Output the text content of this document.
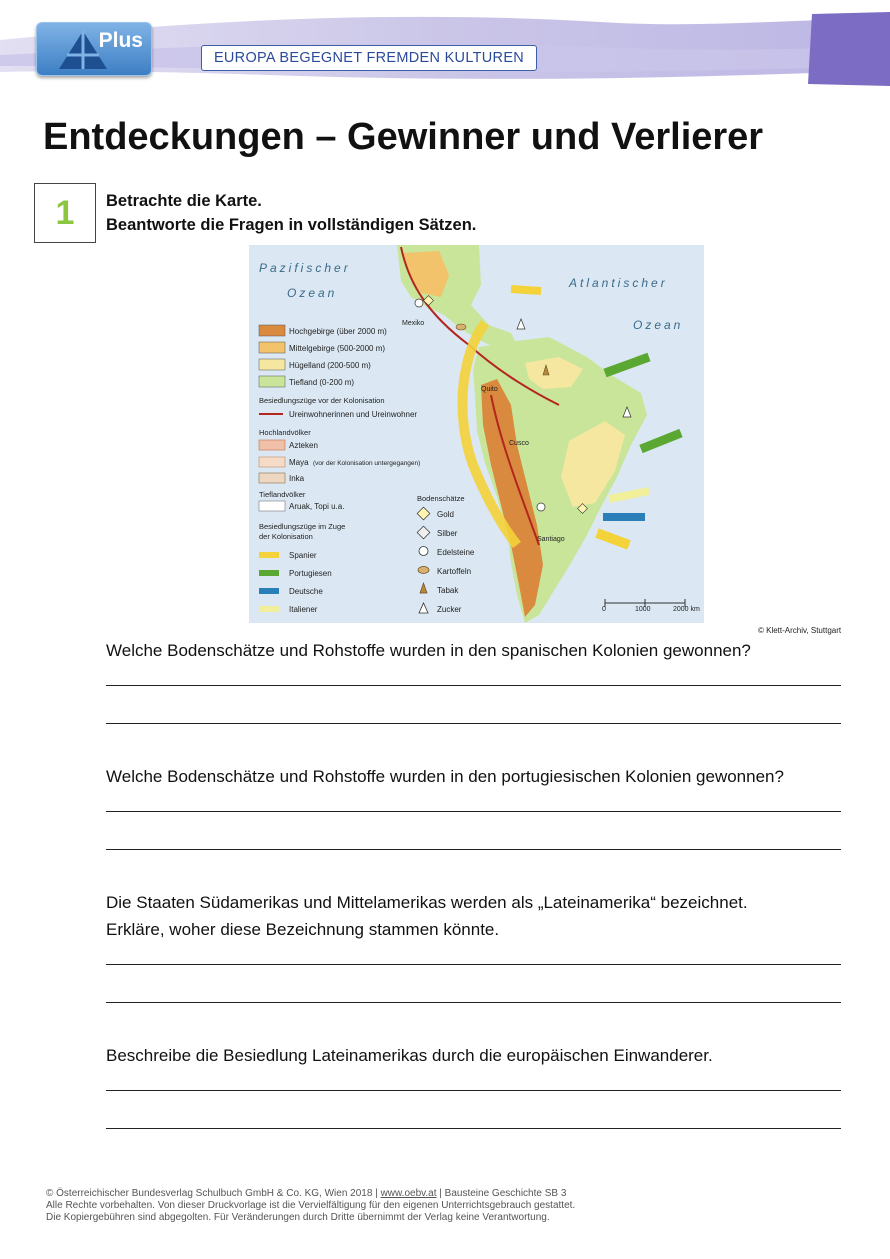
Plus
EUROPA BEGEGNET FREMDEN KULTUREN
Entdeckungen – Gewinner und Verlierer
1	Betrachte die Karte.
Beantworte die Fragen in vollständigen Sätzen.
Pazifischer
Ozean
Atlantischer
Ozean
Mexiko
Quito
Cusco
Santiago
Hochgebirge (über 2000 m)
Mittelgebirge (500-2000 m)
Hügelland (200-500 m)
Tiefland (0-200 m)
Besiedlungszüge vor der Kolonisation
Ureinwohnerinnen und Ureinwohner
Hochlandvölker
Azteken
Maya (vor der Kolonisation untergegangen)
Inka
Tieflandvölker
Aruak, Topi u.a.
Besiedlungszüge im Zuge
der Kolonisation
Spanier
Portugiesen
Deutsche
Italiener
Bodenschätze
Gold
Silber
Edelsteine
Kartoffeln
Tabak
Zucker	0	1000	2000 km
© Klett-Archiv, Stuttgart
Welche Bodenschätze und Rohstoffe wurden in den spanischen Kolonien gewonnen?
Welche Bodenschätze und Rohstoffe wurden in den portugiesischen Kolonien gewonnen?
Die Staaten Südamerikas und Mittelamerikas werden als „Lateinamerika“ bezeichnet.
Erkläre, woher diese Bezeichnung stammen könnte.
Beschreibe die Besiedlung Lateinamerikas durch die europäischen Einwanderer.
© Österreichischer Bundesverlag Schulbuch GmbH & Co. KG, Wien 2018 | www.oebv.at | Bausteine Geschichte SB 3
Alle Rechte vorbehalten. Von dieser Druckvorlage ist die Vervielfältigung für den eigenen Unterrichtsgebrauch gestattet.
Die Kopiergebühren sind abgegolten. Für Veränderungen durch Dritte übernimmt der Verlag keine Verantwortung.
